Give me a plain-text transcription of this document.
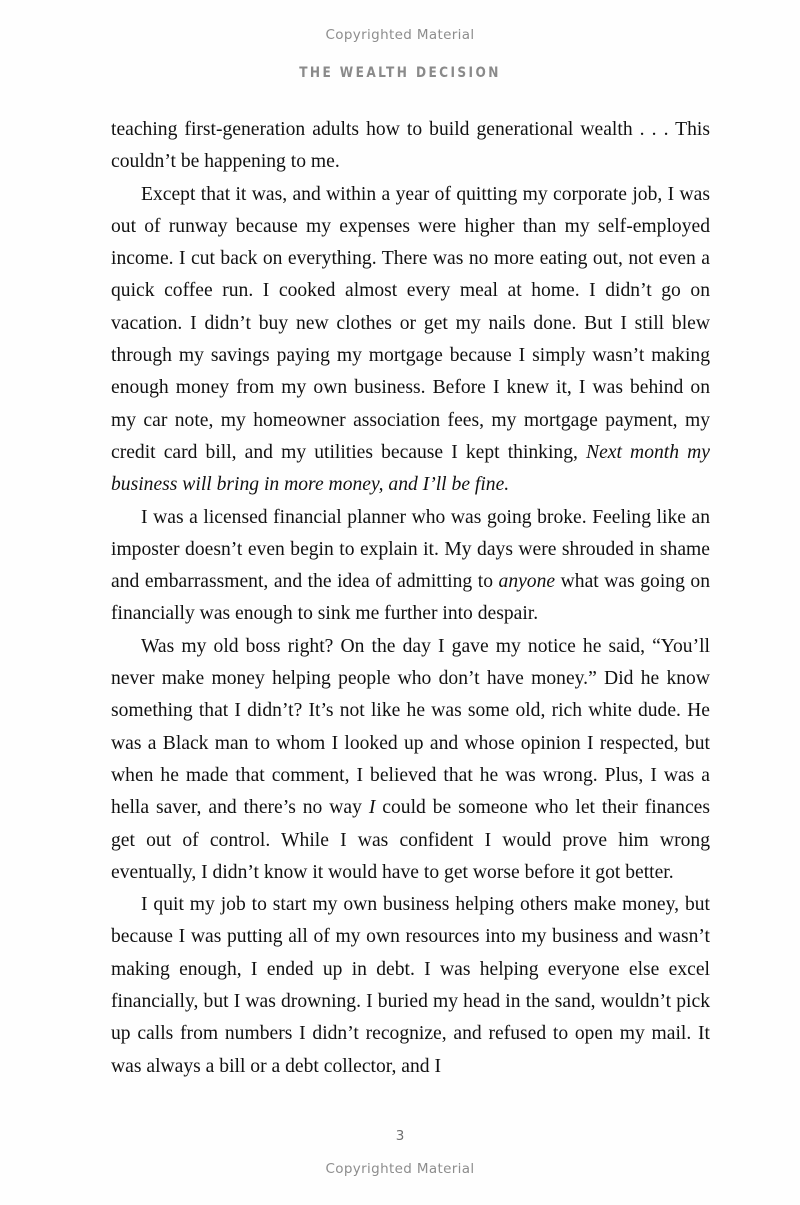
Copyrighted Material
THE WEALTH DECISION

teaching first-generation adults how to build generational wealth . . . This couldn’t be happening to me.

Except that it was, and within a year of quitting my corporate job, I was out of runway because my expenses were higher than my self-employed income. I cut back on everything. There was no more eating out, not even a quick coffee run. I cooked almost every meal at home. I didn’t go on vacation. I didn’t buy new clothes or get my nails done. But I still blew through my savings paying my mortgage because I simply wasn’t making enough money from my own business. Before I knew it, I was behind on my car note, my homeowner association fees, my mortgage payment, my credit card bill, and my utilities because I kept thinking, Next month my business will bring in more money, and I’ll be fine.

I was a licensed financial planner who was going broke. Feeling like an imposter doesn’t even begin to explain it. My days were shrouded in shame and embarrassment, and the idea of admitting to anyone what was going on financially was enough to sink me further into despair.

Was my old boss right? On the day I gave my notice he said, “You’ll never make money helping people who don’t have money.” Did he know something that I didn’t? It’s not like he was some old, rich white dude. He was a Black man to whom I looked up and whose opinion I respected, but when he made that comment, I believed that he was wrong. Plus, I was a hella saver, and there’s no way I could be someone who let their finances get out of control. While I was confident I would prove him wrong eventually, I didn’t know it would have to get worse before it got better.

I quit my job to start my own business helping others make money, but because I was putting all of my own resources into my business and wasn’t making enough, I ended up in debt. I was helping everyone else excel financially, but I was drowning. I buried my head in the sand, wouldn’t pick up calls from numbers I didn’t recognize, and refused to open my mail. It was always a bill or a debt collector, and I

3
Copyrighted Material
